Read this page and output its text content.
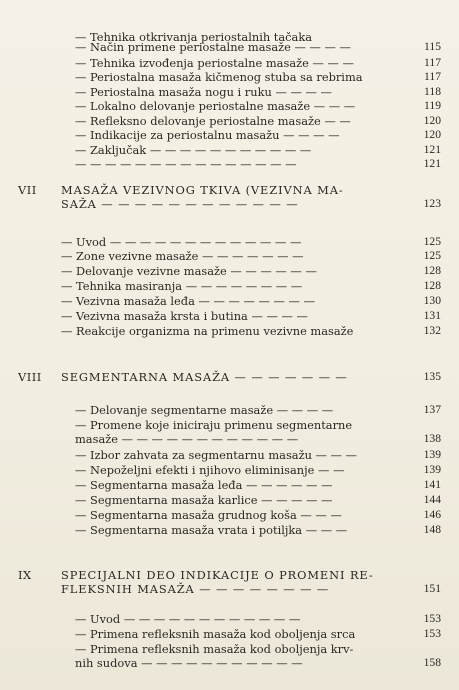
— Tehnika otkrivanja periostalnih tačaka
— Način primene periostalne masaže — — — —	115
— Tehnika izvođenja periostalne masaže — — —	117
— Periostalna masaža kičmenog stuba sa rebrima	117
— Periostalna masaža nogu i ruku — — — —	118
— Lokalno delovanje periostalne masaže — — —	119
— Refleksno delovanje periostalne masaže — —	120
— Indikacije za periostalnu masažu — — — —	120
— Zaključak — — — — — — — — — — —	121
— — — — — — — — — — — — — — —	121
VII MASAŽA VEZIVNOG TKIVA (VEZIVNA MA-
SAŽA — — — — — — — — — — — —	123
— Uvod — — — — — — — — — — — — —	125
— Zone vezivne masaže — — — — — — —	125
— Delovanje vezivne masaže — — — — — —	128
— Tehnika masiranja — — — — — — — —	128
— Vezivna masaža leđa — — — — — — — —	130
— Vezivna masaža krsta i butina — — — —	131
— Reakcije organizma na primenu vezivne masaže	132
VIII SEGMENTARNA MASAŽA — — — — — — —	135
— Delovanje segmentarne masaže — — — —	137
— Promene koje iniciraju primenu segmentarne
masaže — — — — — — — — — — — —	138
— Izbor zahvata za segmentarnu masažu — — —	139
— Nepoželjni efekti i njihovo eliminisanje — —	139
— Segmentarna masaža leđa — — — — — —	141
— Segmentarna masaža karlice — — — — —	144
— Segmentarna masaža grudnog koša — — —	146
— Segmentarna masaža vrata i potiljka — — —	148
IX	SPECIJALNI DEO INDIKACIJE O PROMENI RE-
FLEKSNIH MASAŽA — — — — — — — —	151
— Uvod — — — — — — — — — — — —	153
— Primena refleksnih masaža kod oboljenja srca	153
— Primena refleksnih masaža kod oboljenja krv-
nih sudova — — — — — — — — — — —	158
